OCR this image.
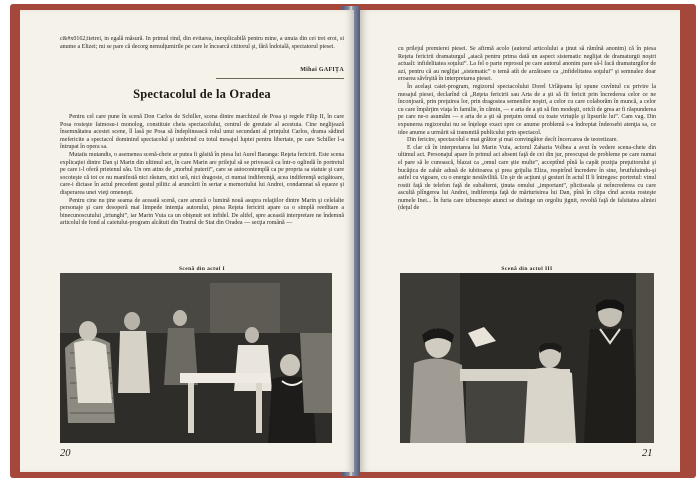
c&#x0162;itetrei, in egală măsură. In primul rind, din evitarea, inexplicabilă pentru mine, a unuia din cei trei eroi, si anume a Elizei; mi se pare că decorg nemulţumirile pe care le încearcă cititorul şi, fără îndoială, spectatorul piesei.

Mihai GAFIŢA
Spectacolul de la Oradea

Pentru cel care pune în scenă Don Carlos de Schiller, scena dintre marchizul de Posa şi regele Filip II, în care Posa rosteşte faimosu-i monolog, constituie cheia spectacolului, centrul de greutate al acestuia. Cine neglijează însemnătatea acestei scene, îl lasă pe Posa să îndeplinească rolul unui secundant al prinţului Carlos, drama sădind mefericite a spectacol dominind spectacolul şi umbrind cu totul mesajul luptei pentru libertate, pe care Schiller l-a întrupat în opera sa.

Mutatis mutandis, o asemenea scenă-cheie ar putea fi găsită în piesa lui Aurel Baranga: Reţeta fericirii. Este scena explicaţiei dintre Dan şi Marin din ultimul act, în care Marin are prilejul să se privească ca într-o oglindă în portretul pe care i-l oferă prietenul său. Un om atins de „morbul puterii”, care se autocontemplă ca pe propria sa statuie şi care socoteşte că tot ce nu manifestă nici răsturn, nici ură, nici dragoste, ci numai indiferenţă, acea indiferenţă ucigătoare, care-i dictase în actul precedent gestul pilitic al aruncării în sertar a memoriului lui Andrei, condamnat să eşueze şi disperarea unei vieţi omeneşti.

Pentru cine nu ţine seama de această scenă, care aruncă o lumină nouă asupra relaţiilor dintre Marin şi celelalte personaje şi care desoperă mai limpede intenţia autorului, piesa Reţeta fericirii apare ca o simplă reeditare a binecunoscutului „triunghi”, iar Marin Vuia ca un obişnuit sot infidel. De altfel, spre această interpretare ne îndemnă articolul de fond al caietului-program alcătuit din Teatrul de Stat din Oradea — secţia română —

Scenă din actul I
20

cu prilejul premierei piesei. Se afirmă acolo (autorul articolului a ţinut să rămînă anonim) că în piesa Reţeta fericirii dramaturgul „atacă pentru prima dată un aspect sistematic neglijat de dramaturgii noştri actuali: infidelitatea soţului”. La fel o parte reprosul pe care autorul anonim pare să-l facă dramaturgilor de azi, pentru că au neglijat „sistematic” o temă atît de arzătoare ca „infidelitatea soţului” şi semnalez doar eroarea săvîrşită în interpretarea piesei.

În acelaşi caiet-program, regizorul spectacolului Dorel Urlăţeanu îşi spune cuvîntul cu privire la mesajul piesei, declarînd că „Reţeta fericirii sau Arta de a şti să fii fericit prin încrederea celor ce ne înconjoară, prin preţuirea lor, prin dragostea semenilor noştri, a celor cu care colaborăm în muncă, a celor cu care împărţim viaţa în familie, în cămin, — e arta de a şti să fim modeşti, oricît de grea ar fi răspunderea pe care ne-o asumăm — e arta de a şti să preţuim omul cu toate virtuţile şi lipsurile lui”. Cam vag. Din expunerea regizorului nu se înţelege exact spre ce anume problemă s-a îndreptat îndeosebi atenţia sa, ce idee anume a urmărit să transmită publicului prin spectacol.

Din fericire, spectacolul e mai grăitor şi mai convingător decît încercarea de teoretizare.

E clar că în interpretarea lui Marin Vuia, actorul Zaharia Volbea a avut în vedere scena-cheie din ultimul act. Personajul apare în primul act absent faţă de cei din jur, preocupat de probleme pe care numai el pare să le cunoască, blazat ca „omul care ştie multe”, acceptînd pînă la capăt poziţia preţuitorului şi bucăţica de zahăr adusă de iubitoarea şi prea grijulia Eliza, respirînd încredere în sine, brutfuluindu-şi astfel cu vigoare, cu o energie nestăvilită. Un şir de acţiuni şi gesturi în actul II îi întregesc portretul: vinul rostit faţă de telefon faţă de subalterni, ţinuta omului „important”, plictiseala şi neîncrederea cu care ascultă plîngerea lui Andrei, indiferenţa faţă de mărturisirea lui Dan, pînă în clipa cînd acesta rosteşte numele Inei... În furia care izbucneşte atunci se distinge un orgoliu jignit, revoltă faţă de falsitatea aliniei (deţul de

Scenă din actul III
21
